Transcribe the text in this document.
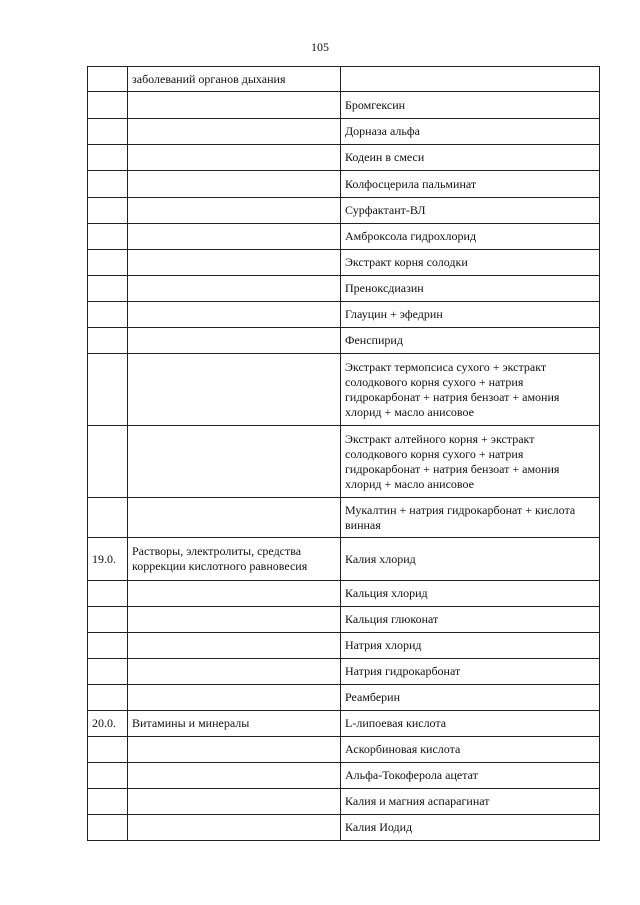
105
	заболеваний органов дыхания	
		Бромгексин
		Дорназа альфа
		Кодеин в смеси
		Колфосцерила пальминат
		Сурфактант-ВЛ
		Амброксола гидрохлорид
		Экстракт корня солодки
		Преноксдиазин
		Глауцин + эфедрин
		Фенспирид
		Экстракт термопсиса сухого + экстракт солодкового корня сухого + натрия гидрокарбонат + натрия бензоат + амония хлорид + масло анисовое
		Экстракт алтейного корня + экстракт солодкового корня сухого + натрия гидрокарбонат + натрия бензоат + амония хлорид + масло анисовое
		Мукалтин + натрия гидрокарбонат + кислота винная
19.0.	Растворы, электролиты, средства коррекции кислотного равновесия	Калия хлорид
		Кальция хлорид
		Кальция глюконат
		Натрия хлорид
		Натрия гидрокарбонат
		Реамберин
20.0.	Витамины и минералы	L-липоевая кислота
		Аскорбиновая кислота
		Альфа-Токоферола ацетат
		Калия и магния аспарагинат
		Калия Иодид
